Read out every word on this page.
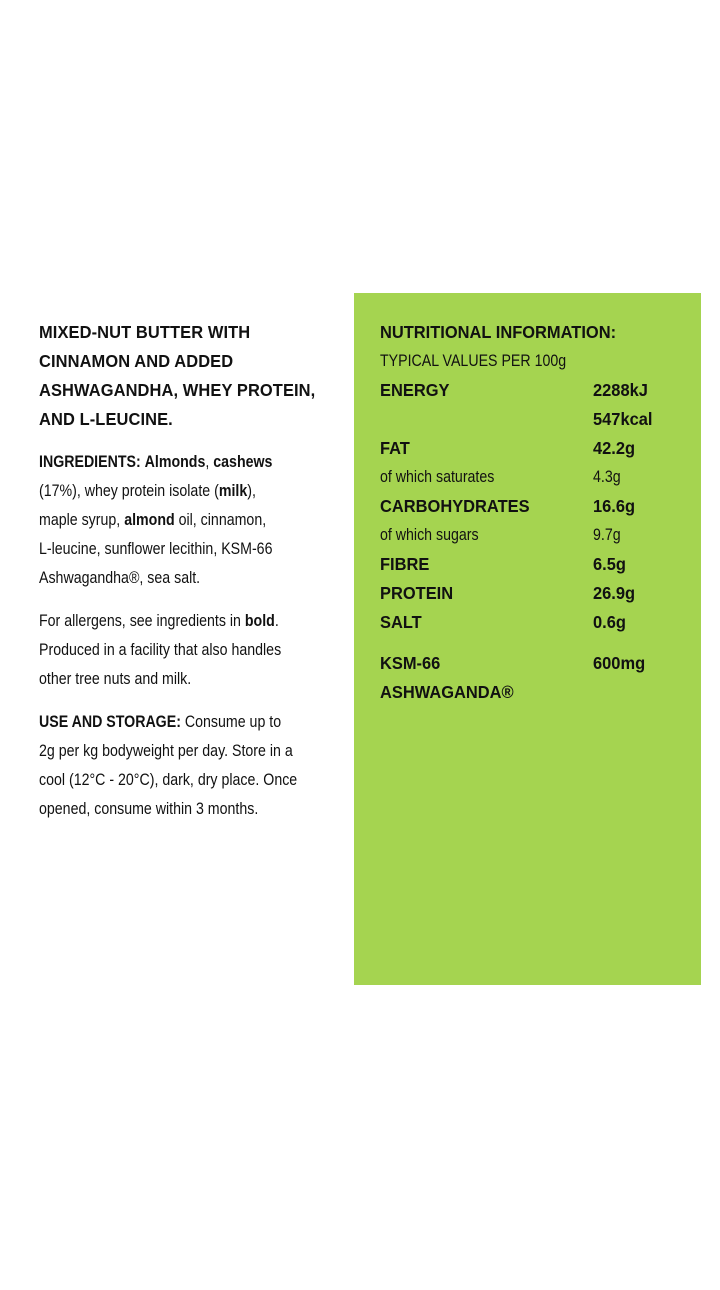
MIXED-NUT BUTTER WITH
CINNAMON AND ADDED
ASHWAGANDHA, WHEY PROTEIN,
AND L-LEUCINE.
INGREDIENTS: Almonds, cashews
(17%), whey protein isolate (milk),
maple syrup, almond oil, cinnamon,
L-leucine, sunflower lecithin, KSM-66
Ashwagandha®, sea salt.
For allergens, see ingredients in bold.
Produced in a facility that also handles
other tree nuts and milk.
USE AND STORAGE: Consume up to
2g per kg bodyweight per day. Store in a
cool (12°C - 20°C), dark, dry place. Once
opened, consume within 3 months.
NUTRITIONAL INFORMATION:
TYPICAL VALUES PER 100g
ENERGY	2288kJ
547kcal
FAT	42.2g
of which saturates	4.3g
CARBOHYDRATES	16.6g
of which sugars	9.7g
FIBRE	6.5g
PROTEIN	26.9g
SALT	0.6g
KSM-66	600mg
ASHWAGANDA®
